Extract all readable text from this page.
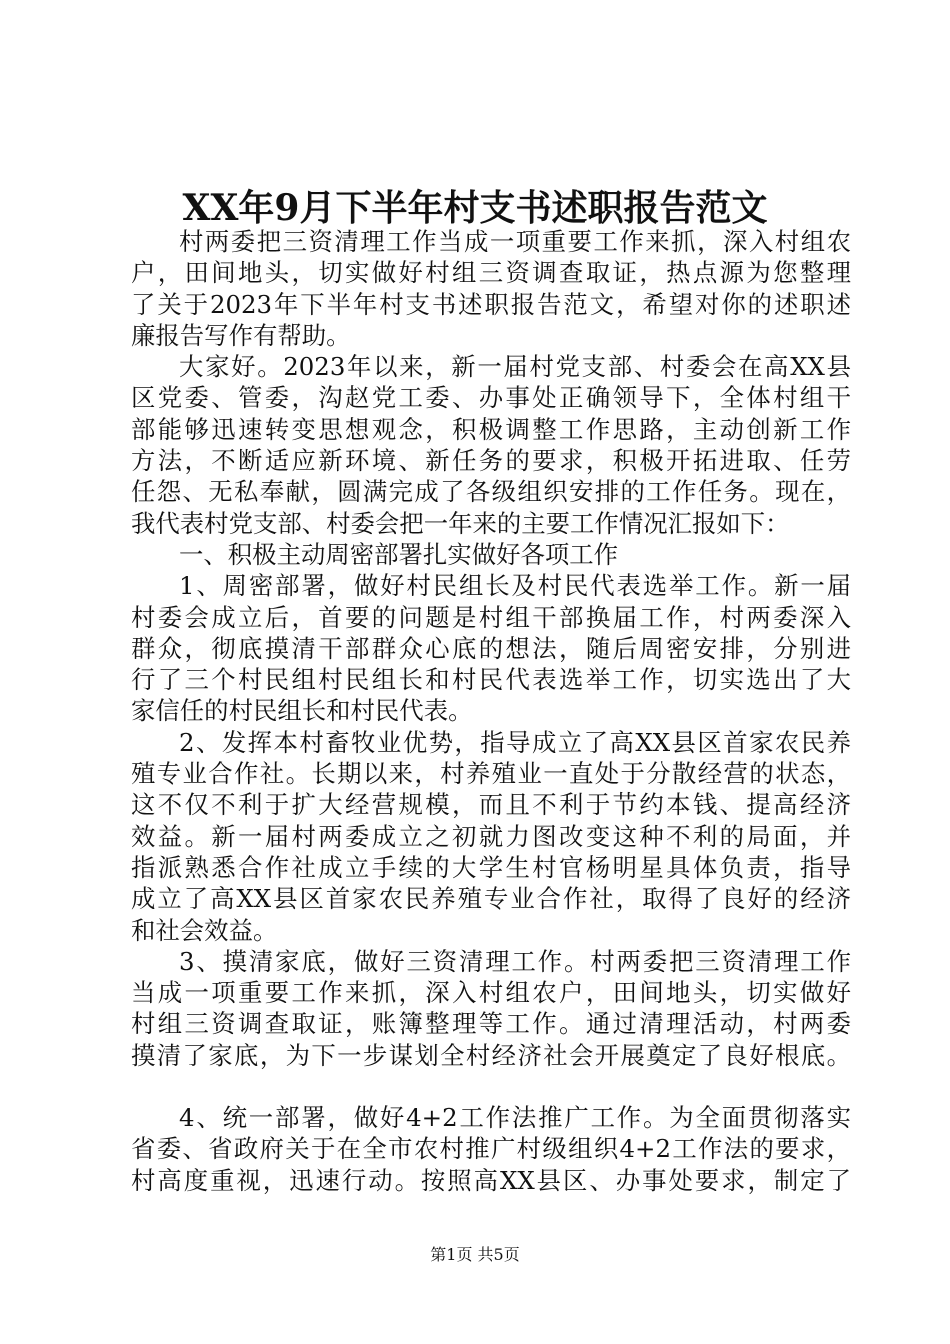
XX年9月下半年村支书述职报告范文
村两委把三资清理工作当成一项重要工作来抓，深入村组农
户，田间地头，切实做好村组三资调查取证，热点源为您整理
了关于2023年下半年村支书述职报告范文，希望对你的述职述
廉报告写作有帮助。
大家好。2023年以来，新一届村党支部、村委会在高XX县
区党委、管委，沟赵党工委、办事处正确领导下，全体村组干
部能够迅速转变思想观念，积极调整工作思路，主动创新工作
方法，不断适应新环境、新任务的要求，积极开拓进取、任劳
任怨、无私奉献，圆满完成了各级组织安排的工作任务。现在，
我代表村党支部、村委会把一年来的主要工作情况汇报如下：
一、积极主动周密部署扎实做好各项工作
1、周密部署，做好村民组长及村民代表选举工作。新一届
村委会成立后，首要的问题是村组干部换届工作，村两委深入
群众，彻底摸清干部群众心底的想法，随后周密安排，分别进
行了三个村民组村民组长和村民代表选举工作，切实选出了大
家信任的村民组长和村民代表。
2、发挥本村畜牧业优势，指导成立了高XX县区首家农民养
殖专业合作社。长期以来，村养殖业一直处于分散经营的状态，
这不仅不利于扩大经营规模，而且不利于节约本钱、提高经济
效益。新一届村两委成立之初就力图改变这种不利的局面，并
指派熟悉合作社成立手续的大学生村官杨明星具体负责，指导
成立了高XX县区首家农民养殖专业合作社，取得了良好的经济
和社会效益。
3、摸清家底，做好三资清理工作。村两委把三资清理工作
当成一项重要工作来抓，深入村组农户，田间地头，切实做好
村组三资调查取证，账簿整理等工作。通过清理活动，村两委
摸清了家底，为下一步谋划全村经济社会开展奠定了良好根底。
4、统一部署，做好4+2工作法推广工作。为全面贯彻落实
省委、省政府关于在全市农村推广村级组织4+2工作法的要求，
村高度重视，迅速行动。按照高XX县区、办事处要求，制定了
第1页 共5页
